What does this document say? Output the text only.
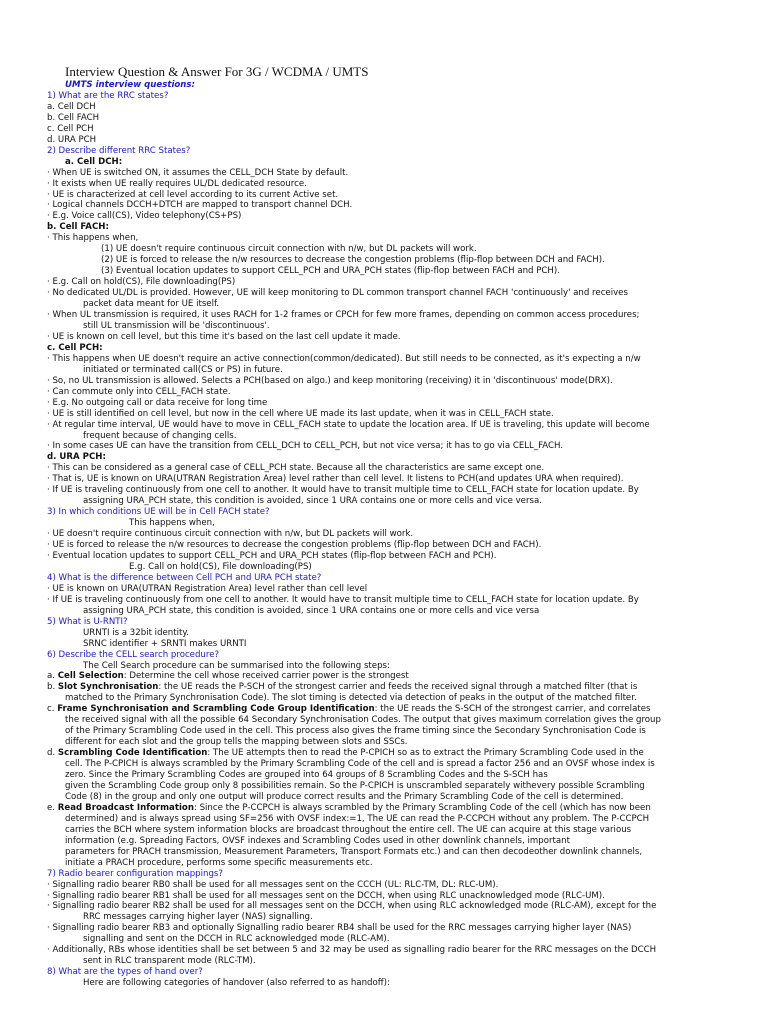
Interview Question & Answer For 3G / WCDMA / UMTS
UMTS interview questions:
1) What are the RRC states?
a. Cell DCH
b. Cell FACH
c. Cell PCH
d. URA PCH
2) Describe different RRC States?
a. Cell DCH:
· When UE is switched ON, it assumes the CELL_DCH State by default.
· It exists when UE really requires UL/DL dedicated resource.
· UE is characterized at cell level according to its current Active set.
· Logical channels DCCH+DTCH are mapped to transport channel DCH.
· E.g. Voice call(CS), Video telephony(CS+PS)
b. Cell FACH:
· This happens when,
(1) UE doesn't require continuous circuit connection with n/w, but DL packets will work.
(2) UE is forced to release the n/w resources to decrease the congestion problems (flip-flop between DCH and FACH).
(3) Eventual location updates to support CELL_PCH and URA_PCH states (flip-flop between FACH and PCH).
· E.g. Call on hold(CS), File downloading(PS)
· No dedicated UL/DL is provided. However, UE will keep monitoring to DL common transport channel FACH 'continuously' and receives
packet data meant for UE itself.
· When UL transmission is required, it uses RACH for 1-2 frames or CPCH for few more frames, depending on common access procedures;
still UL transmission will be 'discontinuous'.
· UE is known on cell level, but this time it's based on the last cell update it made.
c. Cell PCH:
· This happens when UE doesn't require an active connection(common/dedicated). But still needs to be connected, as it's expecting a n/w
initiated or terminated call(CS or PS) in future.
· So, no UL transmission is allowed. Selects a PCH(based on algo.) and keep monitoring (receiving) it in 'discontinuous' mode(DRX).
· Can commute only into CELL_FACH state.
· E.g. No outgoing call or data receive for long time
· UE is still identified on cell level, but now in the cell where UE made its last update, when it was in CELL_FACH state.
· At regular time interval, UE would have to move in CELL_FACH state to update the location area. If UE is traveling, this update will become
frequent because of changing cells.
· In some cases UE can have the transition from CELL_DCH to CELL_PCH, but not vice versa; it has to go via CELL_FACH.
d. URA PCH:
· This can be considered as a general case of CELL_PCH state. Because all the characteristics are same except one.
· That is, UE is known on URA(UTRAN Registration Area) level rather than cell level. It listens to PCH(and updates URA when required).
· If UE is traveling continuously from one cell to another. It would have to transit multiple time to CELL_FACH state for location update. By
assigning URA_PCH state, this condition is avoided, since 1 URA contains one or more cells and vice versa.
3) In which conditions UE will be in Cell FACH state?
This happens when,
· UE doesn't require continuous circuit connection with n/w, but DL packets will work.
· UE is forced to release the n/w resources to decrease the congestion problems (flip-flop between DCH and FACH).
· Eventual location updates to support CELL_PCH and URA_PCH states (flip-flop between FACH and PCH).
E.g. Call on hold(CS), File downloading(PS)
4) What is the difference between Cell PCH and URA PCH state?
· UE is known on URA(UTRAN Registration Area) level rather than cell level
· If UE is traveling continuously from one cell to another. It would have to transit multiple time to CELL_FACH state for location update. By
assigning URA_PCH state, this condition is avoided, since 1 URA contains one or more cells and vice versa
5) What is U-RNTI?
URNTI is a 32bit identity.
SRNC identifier + SRNTI makes URNTI
6) Describe the CELL search procedure?
The Cell Search procedure can be summarised into the following steps:
a. Cell Selection: Determine the cell whose received carrier power is the strongest
b. Slot Synchronisation: the UE reads the P-SCH of the strongest carrier and feeds the received signal through a matched filter (that is
matched to the Primary Synchronisation Code). The slot timing is detected via detection of peaks in the output of the matched filter.
c. Frame Synchronisation and Scrambling Code Group Identification: the UE reads the S-SCH of the strongest carrier, and correlates
the received signal with all the possible 64 Secondary Synchronisation Codes. The output that gives maximum correlation gives the group
of the Primary Scrambling Code used in the cell. This process also gives the frame timing since the Secondary Synchronisation Code is
different for each slot and the group tells the mapping between slots and SSCs.
d. Scrambling Code Identification: The UE attempts then to read the P-CPICH so as to extract the Primary Scrambling Code used in the
cell. The P-CPICH is always scrambled by the Primary Scrambling Code of the cell and is spread a factor 256 and an OVSF whose index is
zero. Since the Primary Scrambling Codes are grouped into 64 groups of 8 Scrambling Codes and the S-SCH has
given the Scrambling Code group only 8 possibilities remain. So the P-CPICH is unscrambled separately withevery possible Scrambling
Code (8) in the group and only one output will produce correct results and the Primary Scrambling Code of the cell is determined.
e. Read Broadcast Information: Since the P-CCPCH is always scrambled by the Primary Scrambling Code of the cell (which has now been
determined) and is always spread using SF=256 with OVSF index:=1, The UE can read the P-CCPCH without any problem. The P-CCPCH
carries the BCH where system information blocks are broadcast throughout the entire cell. The UE can acquire at this stage various
information (e.g. Spreading Factors, OVSF indexes and Scrambling Codes used in other downlink channels, important
parameters for PRACH transmission, Measurement Parameters, Transport Formats etc.) and can then decodeother downlink channels,
initiate a PRACH procedure, performs some specific measurements etc.
7) Radio bearer configuration mappings?
· Signalling radio bearer RB0 shall be used for all messages sent on the CCCH (UL: RLC-TM, DL: RLC-UM).
· Signalling radio bearer RB1 shall be used for all messages sent on the DCCH, when using RLC unacknowledged mode (RLC-UM).
· Signalling radio bearer RB2 shall be used for all messages sent on the DCCH, when using RLC acknowledged mode (RLC-AM), except for the
RRC messages carrying higher layer (NAS) signalling.
· Signalling radio bearer RB3 and optionally Signalling radio bearer RB4 shall be used for the RRC messages carrying higher layer (NAS)
signalling and sent on the DCCH in RLC acknowledged mode (RLC-AM).
· Additionally, RBs whose identities shall be set between 5 and 32 may be used as signalling radio bearer for the RRC messages on the DCCH
sent in RLC transparent mode (RLC-TM).
8) What are the types of hand over?
Here are following categories of handover (also referred to as handoff):
